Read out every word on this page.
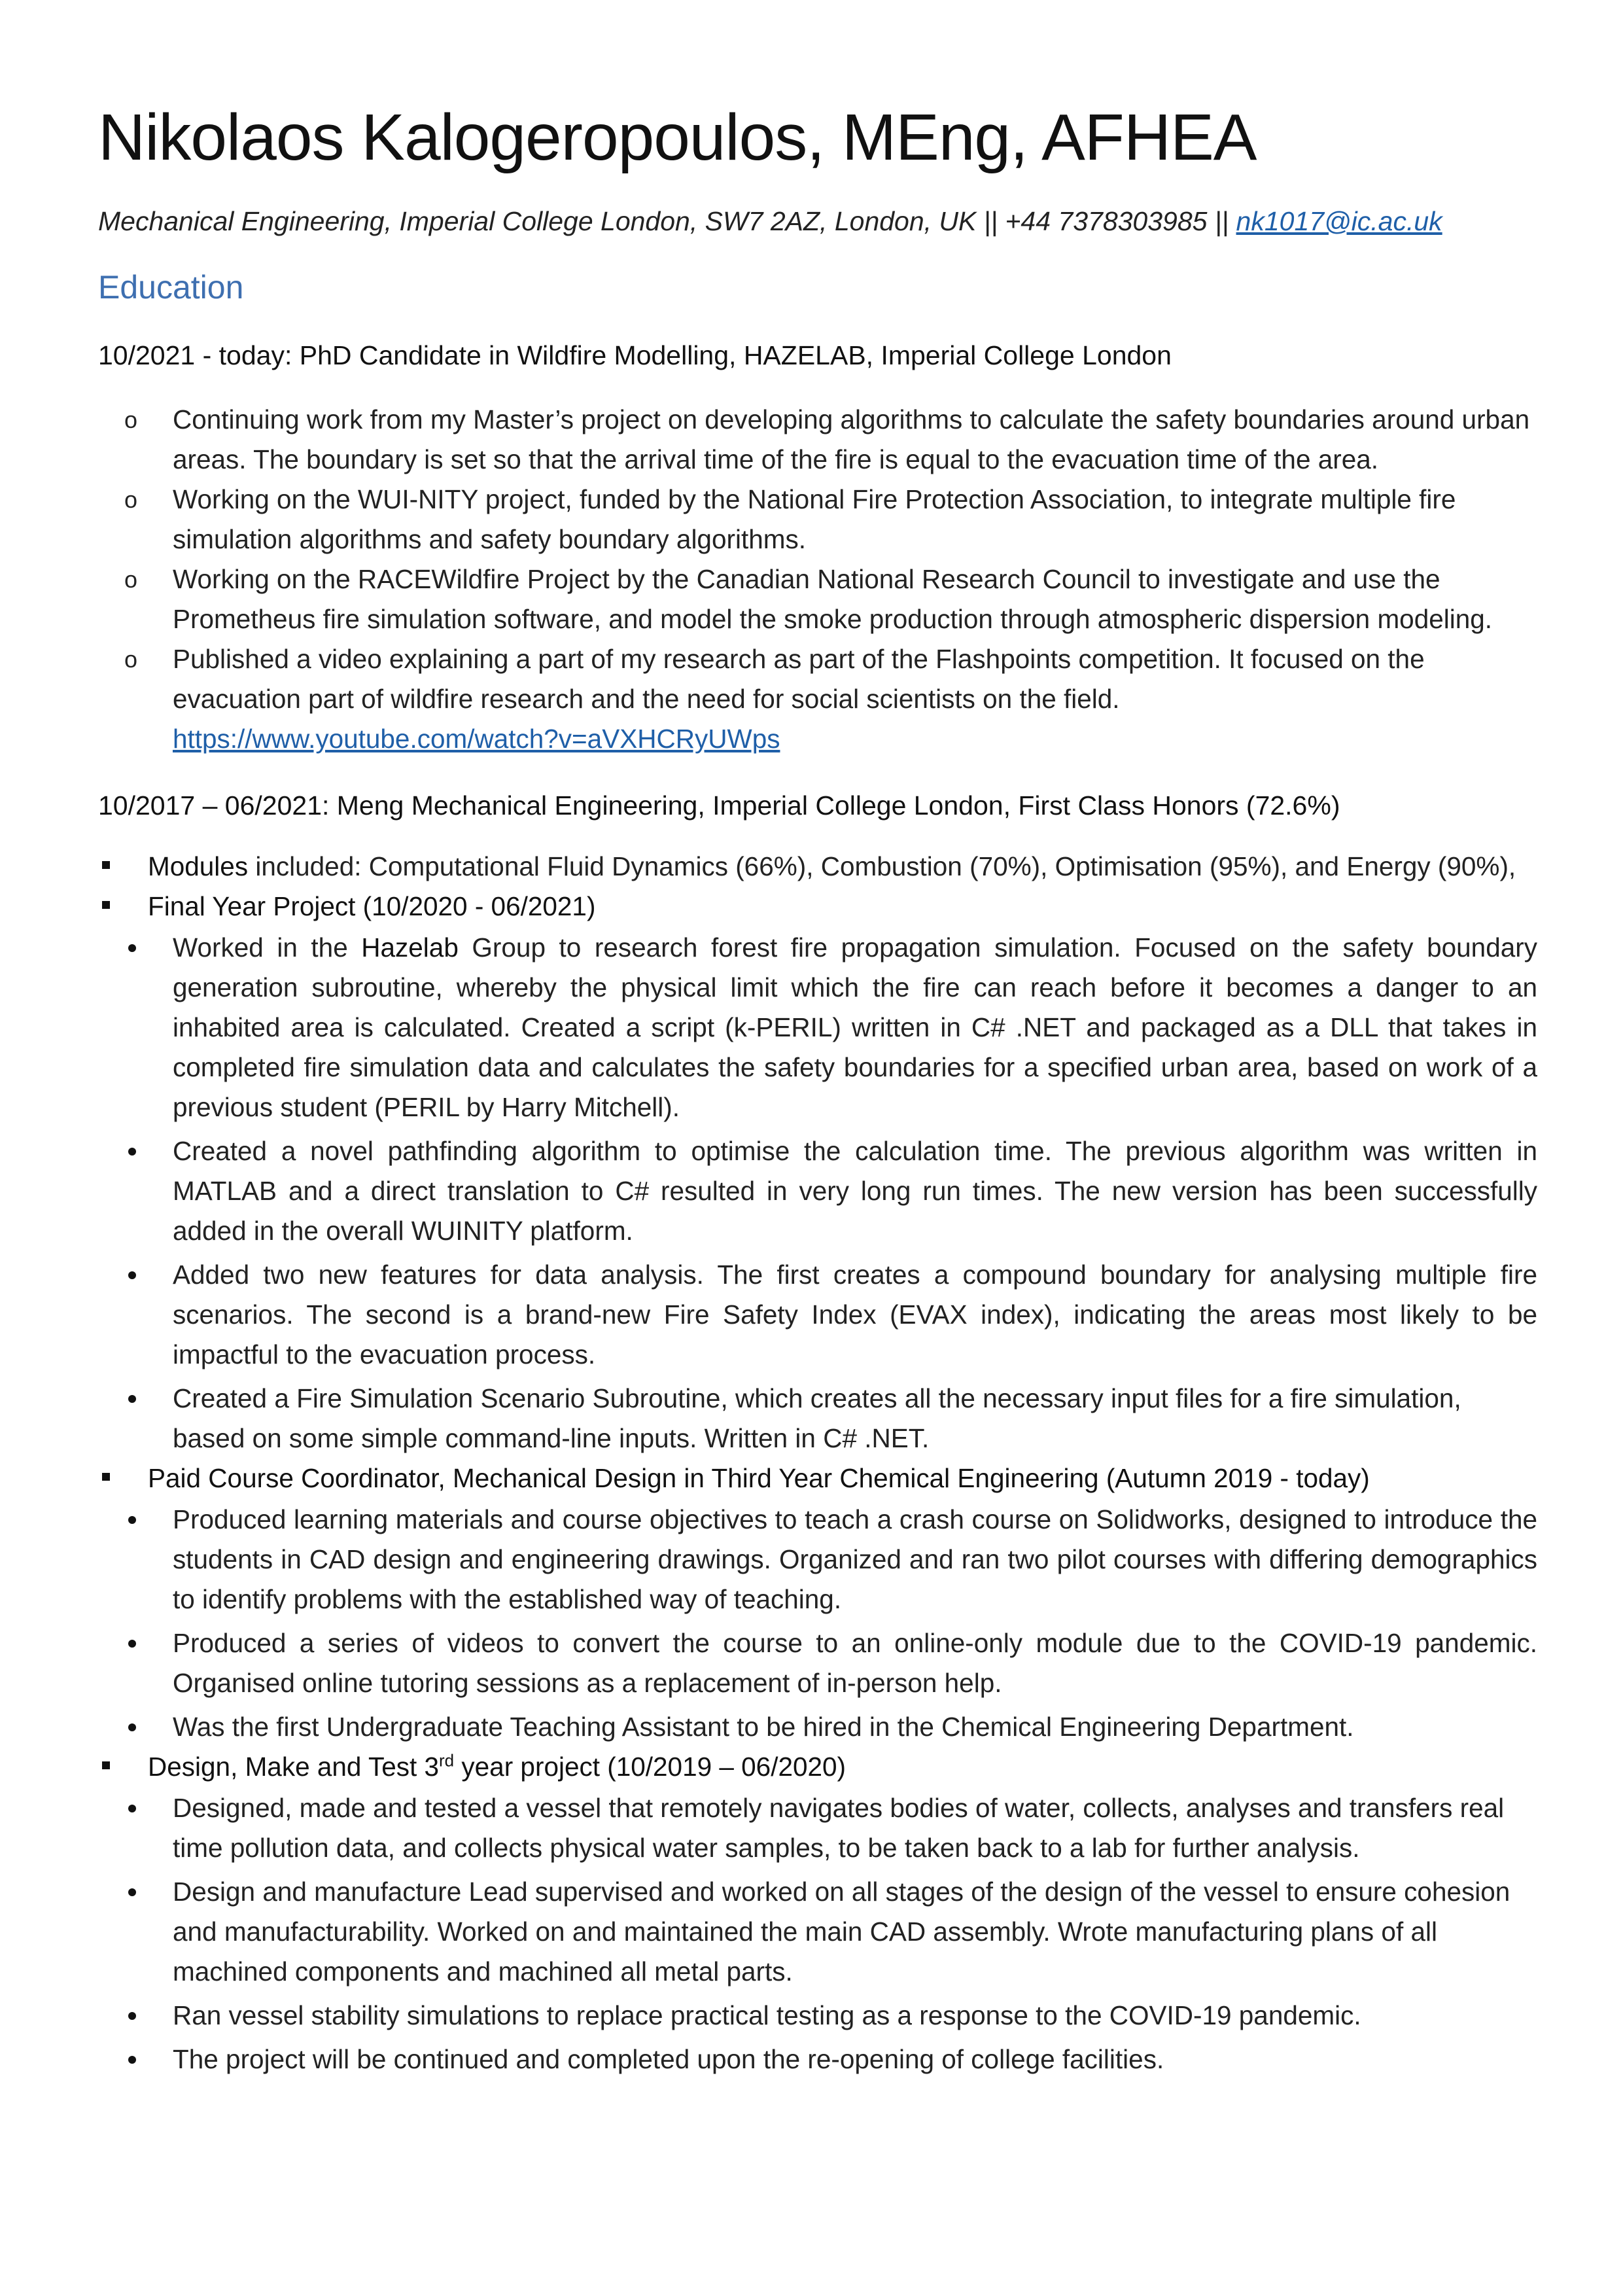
Nikolaos Kalogeropoulos, MEng, AFHEA

Mechanical Engineering, Imperial College London, SW7 2AZ, London, UK || +44 7378303985 || nk1017@ic.ac.uk

Education
10/2021 - today: PhD Candidate in Wildfire Modelling, HAZELAB, Imperial College London
o Continuing work from my Master’s project on developing algorithms to calculate the safety boundaries around urban areas. The boundary is set so that the arrival time of the fire is equal to the evacuation time of the area.
o Working on the WUI-NITY project, funded by the National Fire Protection Association, to integrate multiple fire simulation algorithms and safety boundary algorithms.
o Working on the RACEWildfire Project by the Canadian National Research Council to investigate and use the Prometheus fire simulation software, and model the smoke production through atmospheric dispersion modeling.
o Published a video explaining a part of my research as part of the Flashpoints competition. It focused on the evacuation part of wildfire research and the need for social scientists on the field.
https://www.youtube.com/watch?v=aVXHCRyUWps
10/2017 – 06/2021: Meng Mechanical Engineering, Imperial College London, First Class Honors (72.6%)
Modules included: Computational Fluid Dynamics (66%), Combustion (70%), Optimisation (95%), and Energy (90%),
Final Year Project (10/2020 - 06/2021)
Worked in the Hazelab Group to research forest fire propagation simulation. Focused on the safety boundary generation subroutine, whereby the physical limit which the fire can reach before it becomes a danger to an inhabited area is calculated. Created a script (k-PERIL) written in C# .NET and packaged as a DLL that takes in completed fire simulation data and calculates the safety boundaries for a specified urban area, based on work of a previous student (PERIL by Harry Mitchell).
Created a novel pathfinding algorithm to optimise the calculation time. The previous algorithm was written in MATLAB and a direct translation to C# resulted in very long run times. The new version has been successfully added in the overall WUINITY platform.
Added two new features for data analysis. The first creates a compound boundary for analysing multiple fire scenarios. The second is a brand-new Fire Safety Index (EVAX index), indicating the areas most likely to be impactful to the evacuation process.
Created a Fire Simulation Scenario Subroutine, which creates all the necessary input files for a fire simulation, based on some simple command-line inputs. Written in C# .NET.
Paid Course Coordinator, Mechanical Design in Third Year Chemical Engineering (Autumn 2019 - today)
Produced learning materials and course objectives to teach a crash course on Solidworks, designed to introduce the students in CAD design and engineering drawings. Organized and ran two pilot courses with differing demographics to identify problems with the established way of teaching.
Produced a series of videos to convert the course to an online-only module due to the COVID-19 pandemic. Organised online tutoring sessions as a replacement of in-person help.
Was the first Undergraduate Teaching Assistant to be hired in the Chemical Engineering Department.
Design, Make and Test 3rd year project (10/2019 – 06/2020)
Designed, made and tested a vessel that remotely navigates bodies of water, collects, analyses and transfers real time pollution data, and collects physical water samples, to be taken back to a lab for further analysis.
Design and manufacture Lead supervised and worked on all stages of the design of the vessel to ensure cohesion and manufacturability. Worked on and maintained the main CAD assembly. Wrote manufacturing plans of all machined components and machined all metal parts.
Ran vessel stability simulations to replace practical testing as a response to the COVID-19 pandemic.
The project will be continued and completed upon the re-opening of college facilities.
